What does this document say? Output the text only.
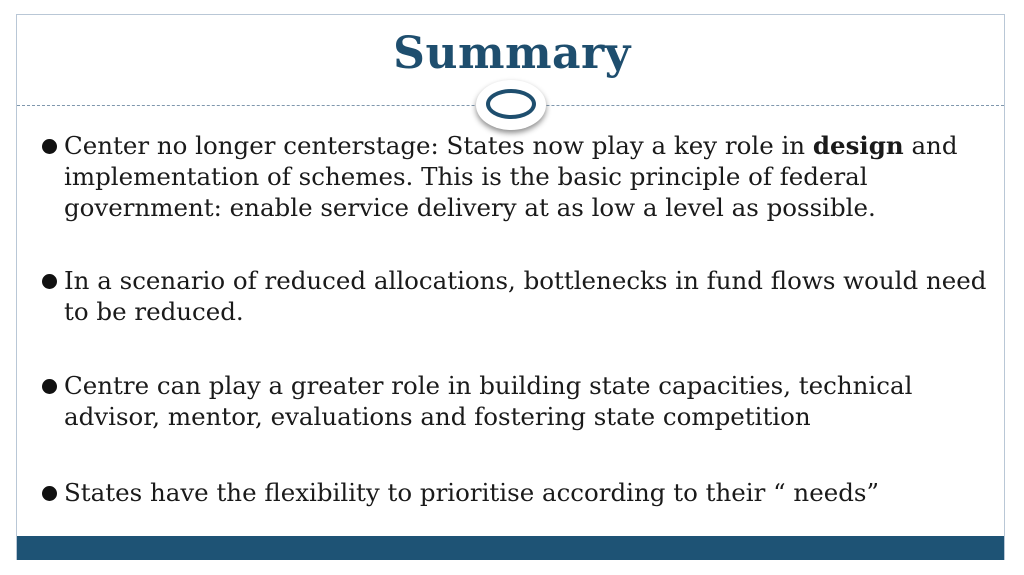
Summary
Center no longer centerstage: States now play a key role in design and implementation of schemes. This is the basic principle of federal government: enable service delivery at as low a level as possible.
In a scenario of reduced allocations, bottlenecks in fund flows would need to be reduced.
Centre can play a greater role in building state capacities, technical advisor, mentor, evaluations and fostering state competition
States have the flexibility to prioritise according to their “ needs”
